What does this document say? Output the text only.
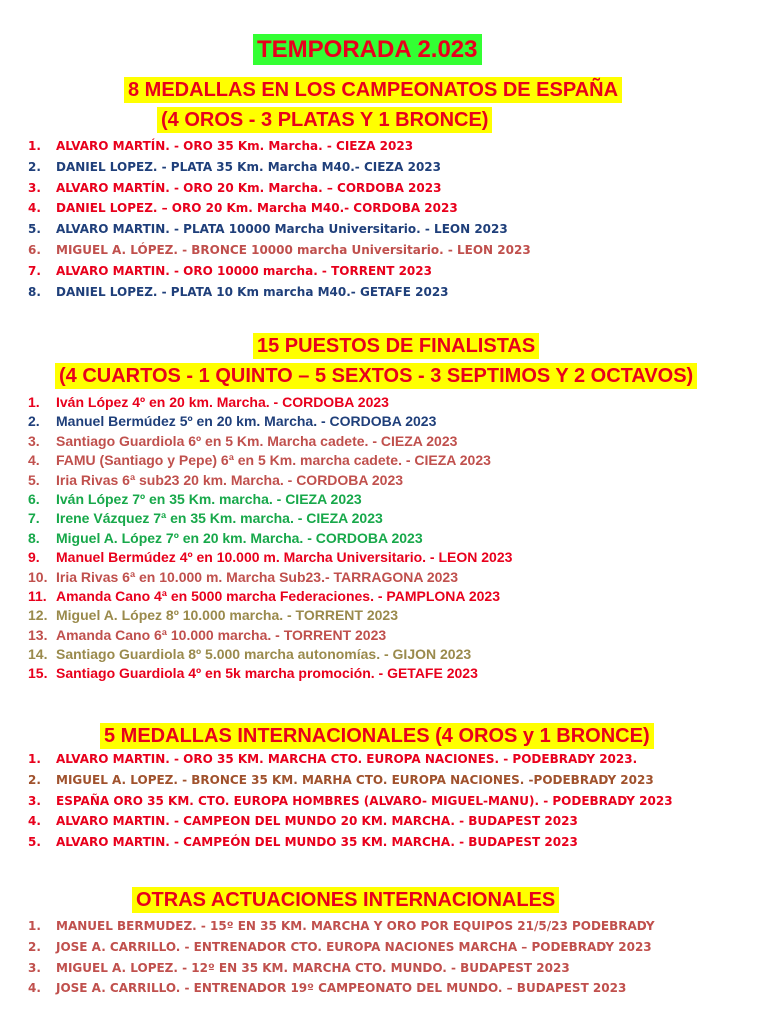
TEMPORADA 2.023
8 MEDALLAS EN LOS CAMPEONATOS DE ESPAÑA
(4 OROS - 3 PLATAS Y 1 BRONCE)
1. ALVARO MARTÍN. - ORO 35 Km. Marcha. - CIEZA 2023
2. DANIEL LOPEZ. - PLATA 35 Km. Marcha M40.- CIEZA 2023
3. ALVARO MARTÍN. - ORO 20 Km. Marcha. – CORDOBA 2023
4. DANIEL LOPEZ. – ORO 20 Km. Marcha M40.- CORDOBA 2023
5. ALVARO MARTIN. - PLATA 10000 Marcha Universitario. - LEON 2023
6. MIGUEL A. LÓPEZ. - BRONCE 10000 marcha Universitario. - LEON 2023
7. ALVARO MARTIN. - ORO 10000 marcha. - TORRENT 2023
8. DANIEL LOPEZ. - PLATA 10 Km marcha M40.- GETAFE 2023
15 PUESTOS DE FINALISTAS
(4 CUARTOS - 1 QUINTO – 5 SEXTOS - 3 SEPTIMOS Y 2 OCTAVOS)
1. Iván López 4º en 20 km. Marcha. - CORDOBA 2023
2. Manuel Bermúdez 5º en 20 km. Marcha. - CORDOBA 2023
3. Santiago Guardiola 6º en 5 Km. Marcha cadete. - CIEZA 2023
4. FAMU (Santiago y Pepe) 6ª en 5 Km. marcha cadete. - CIEZA 2023
5. Iria Rivas 6ª sub23 20 km. Marcha. - CORDOBA 2023
6. Iván López 7º en 35 Km. marcha. - CIEZA 2023
7. Irene Vázquez 7ª en 35 Km. marcha. - CIEZA 2023
8. Miguel A. López 7º en 20 km. Marcha. - CORDOBA 2023
9. Manuel Bermúdez 4º en 10.000 m. Marcha Universitario. - LEON 2023
10. Iria Rivas 6ª en 10.000 m. Marcha Sub23.- TARRAGONA 2023
11. Amanda Cano 4ª en 5000 marcha Federaciones. - PAMPLONA 2023
12. Miguel A. López 8º 10.000 marcha. - TORRENT 2023
13. Amanda Cano 6ª 10.000 marcha. - TORRENT 2023
14. Santiago Guardiola 8º 5.000 marcha autonomías. - GIJON 2023
15. Santiago Guardiola 4º en 5k marcha promoción. - GETAFE 2023
5 MEDALLAS INTERNACIONALES (4 OROS y 1 BRONCE)
1. ALVARO MARTIN. - ORO 35 KM. MARCHA CTO. EUROPA NACIONES. - PODEBRADY 2023.
2. MIGUEL A. LOPEZ. - BRONCE 35 KM. MARHA CTO. EUROPA NACIONES. -PODEBRADY 2023
3. ESPAÑA ORO 35 KM. CTO. EUROPA HOMBRES (ALVARO- MIGUEL-MANU). - PODEBRADY 2023
4. ALVARO MARTIN. - CAMPEON DEL MUNDO 20 KM. MARCHA. - BUDAPEST 2023
5. ALVARO MARTIN. - CAMPEÓN DEL MUNDO 35 KM. MARCHA. - BUDAPEST 2023
OTRAS ACTUACIONES INTERNACIONALES
1. MANUEL BERMUDEZ. - 15º EN 35 KM. MARCHA Y ORO POR EQUIPOS 21/5/23 PODEBRADY
2. JOSE A. CARRILLO. - ENTRENADOR CTO. EUROPA NACIONES MARCHA – PODEBRADY 2023
3. MIGUEL A. LOPEZ. - 12º EN 35 KM. MARCHA CTO. MUNDO. - BUDAPEST 2023
4. JOSE A. CARRILLO. - ENTRENADOR 19º CAMPEONATO DEL MUNDO. – BUDAPEST 2023
